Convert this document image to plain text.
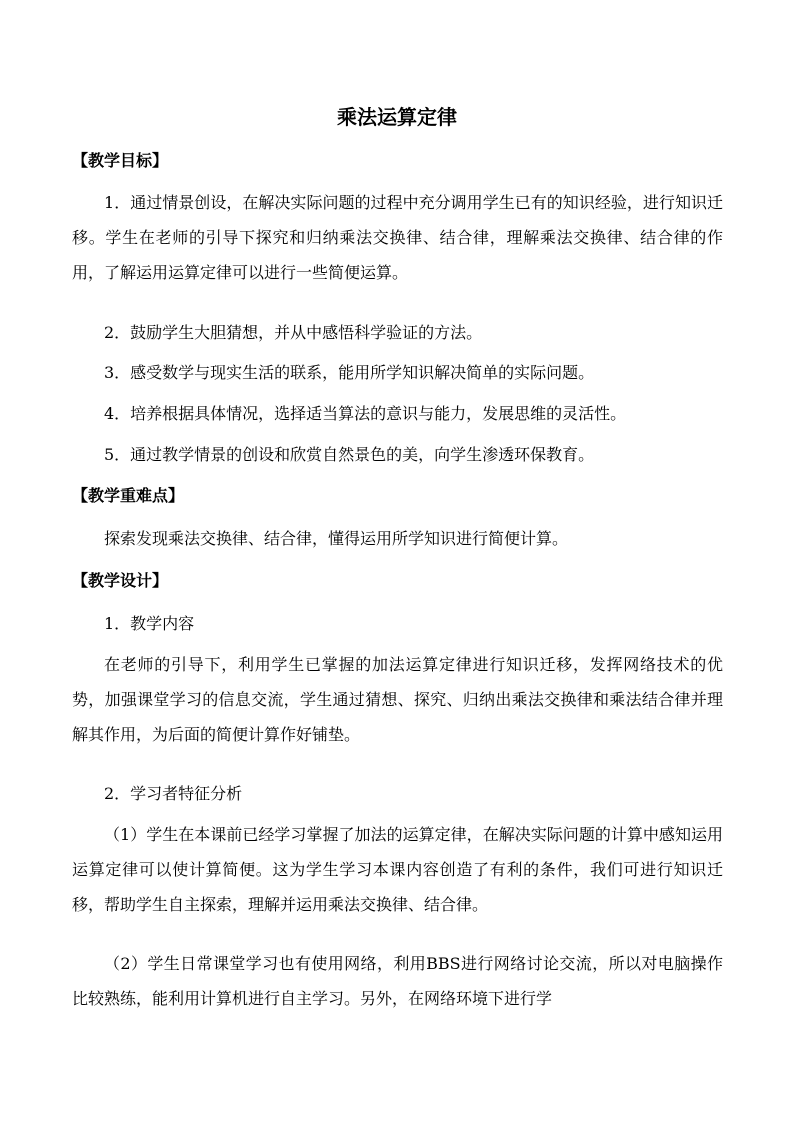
乘法运算定律
【教学目标】

1．通过情景创设，在解决实际问题的过程中充分调用学生已有的知识经验，进行知识迁移。学生在老师的引导下探究和归纳乘法交换律、结合律，理解乘法交换律、结合律的作用，了解运用运算定律可以进行一些简便运算。

2．鼓励学生大胆猜想，并从中感悟科学验证的方法。

3．感受数学与现实生活的联系，能用所学知识解决简单的实际问题。

4．培养根据具体情况，选择适当算法的意识与能力，发展思维的灵活性。

5．通过教学情景的创设和欣赏自然景色的美，向学生渗透环保教育。

【教学重难点】

探索发现乘法交换律、结合律，懂得运用所学知识进行简便计算。

【教学设计】

1．教学内容

在老师的引导下，利用学生已掌握的加法运算定律进行知识迁移，发挥网络技术的优势，加强课堂学习的信息交流，学生通过猜想、探究、归纳出乘法交换律和乘法结合律并理解其作用，为后面的简便计算作好铺垫。

2．学习者特征分析

（1）学生在本课前已经学习掌握了加法的运算定律，在解决实际问题的计算中感知运用运算定律可以使计算简便。这为学生学习本课内容创造了有利的条件，我们可进行知识迁移，帮助学生自主探索，理解并运用乘法交换律、结合律。

（2）学生日常课堂学习也有使用网络，利用BBS进行网络讨论交流，所以对电脑操作比较熟练，能利用计算机进行自主学习。另外，在网络环境下进行学
